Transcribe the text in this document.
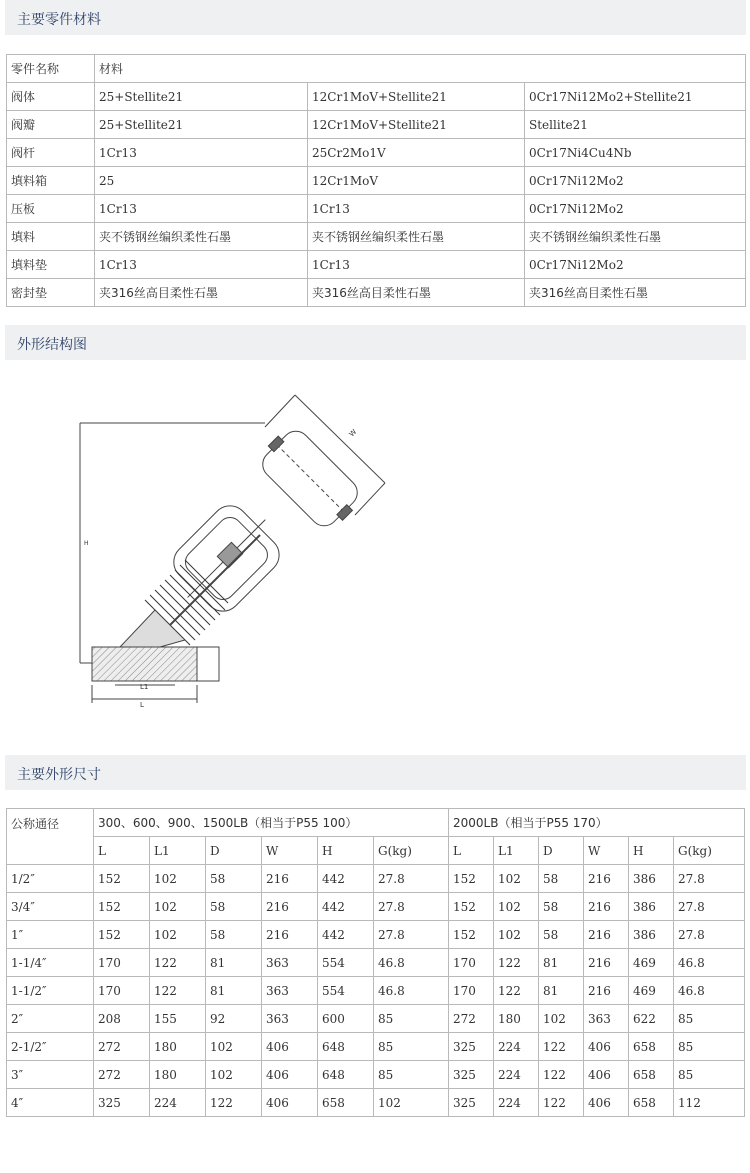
主要零件材料
零件名称	材料		
阀体	25+Stellite21	12Cr1MoV+Stellite21	0Cr17Ni12Mo2+Stellite21
阀瓣	25+Stellite21	12Cr1MoV+Stellite21	Stellite21
阀杆	1Cr13	25Cr2Mo1V	0Cr17Ni4Cu4Nb
填料箱	25	12Cr1MoV	0Cr17Ni12Mo2
压板	1Cr13	1Cr13	0Cr17Ni12Mo2
填料	夹不锈钢丝编织柔性石墨	夹不锈钢丝编织柔性石墨	夹不锈钢丝编织柔性石墨
填料垫	1Cr13	1Cr13	0Cr17Ni12Mo2
密封垫	夹316丝高目柔性石墨	夹316丝高目柔性石墨	夹316丝高目柔性石墨
外形结构图
H
W
L1
L
主要外形尺寸
公称通径	300、600、900、1500LB（相当于P55 100）						2000LB（相当于P55 170）					
	L	L1	D	W	H	G(kg)	L	L1	D	W	H	G(kg)
1/2″	152	102	58	216	442	27.8	152	102	58	216	386	27.8
3/4″	152	102	58	216	442	27.8	152	102	58	216	386	27.8
1″	152	102	58	216	442	27.8	152	102	58	216	386	27.8
1-1/4″	170	122	81	363	554	46.8	170	122	81	216	469	46.8
1-1/2″	170	122	81	363	554	46.8	170	122	81	216	469	46.8
2″	208	155	92	363	600	85	272	180	102	363	622	85
2-1/2″	272	180	102	406	648	85	325	224	122	406	658	85
3″	272	180	102	406	648	85	325	224	122	406	658	85
4″	325	224	122	406	658	102	325	224	122	406	658	112
